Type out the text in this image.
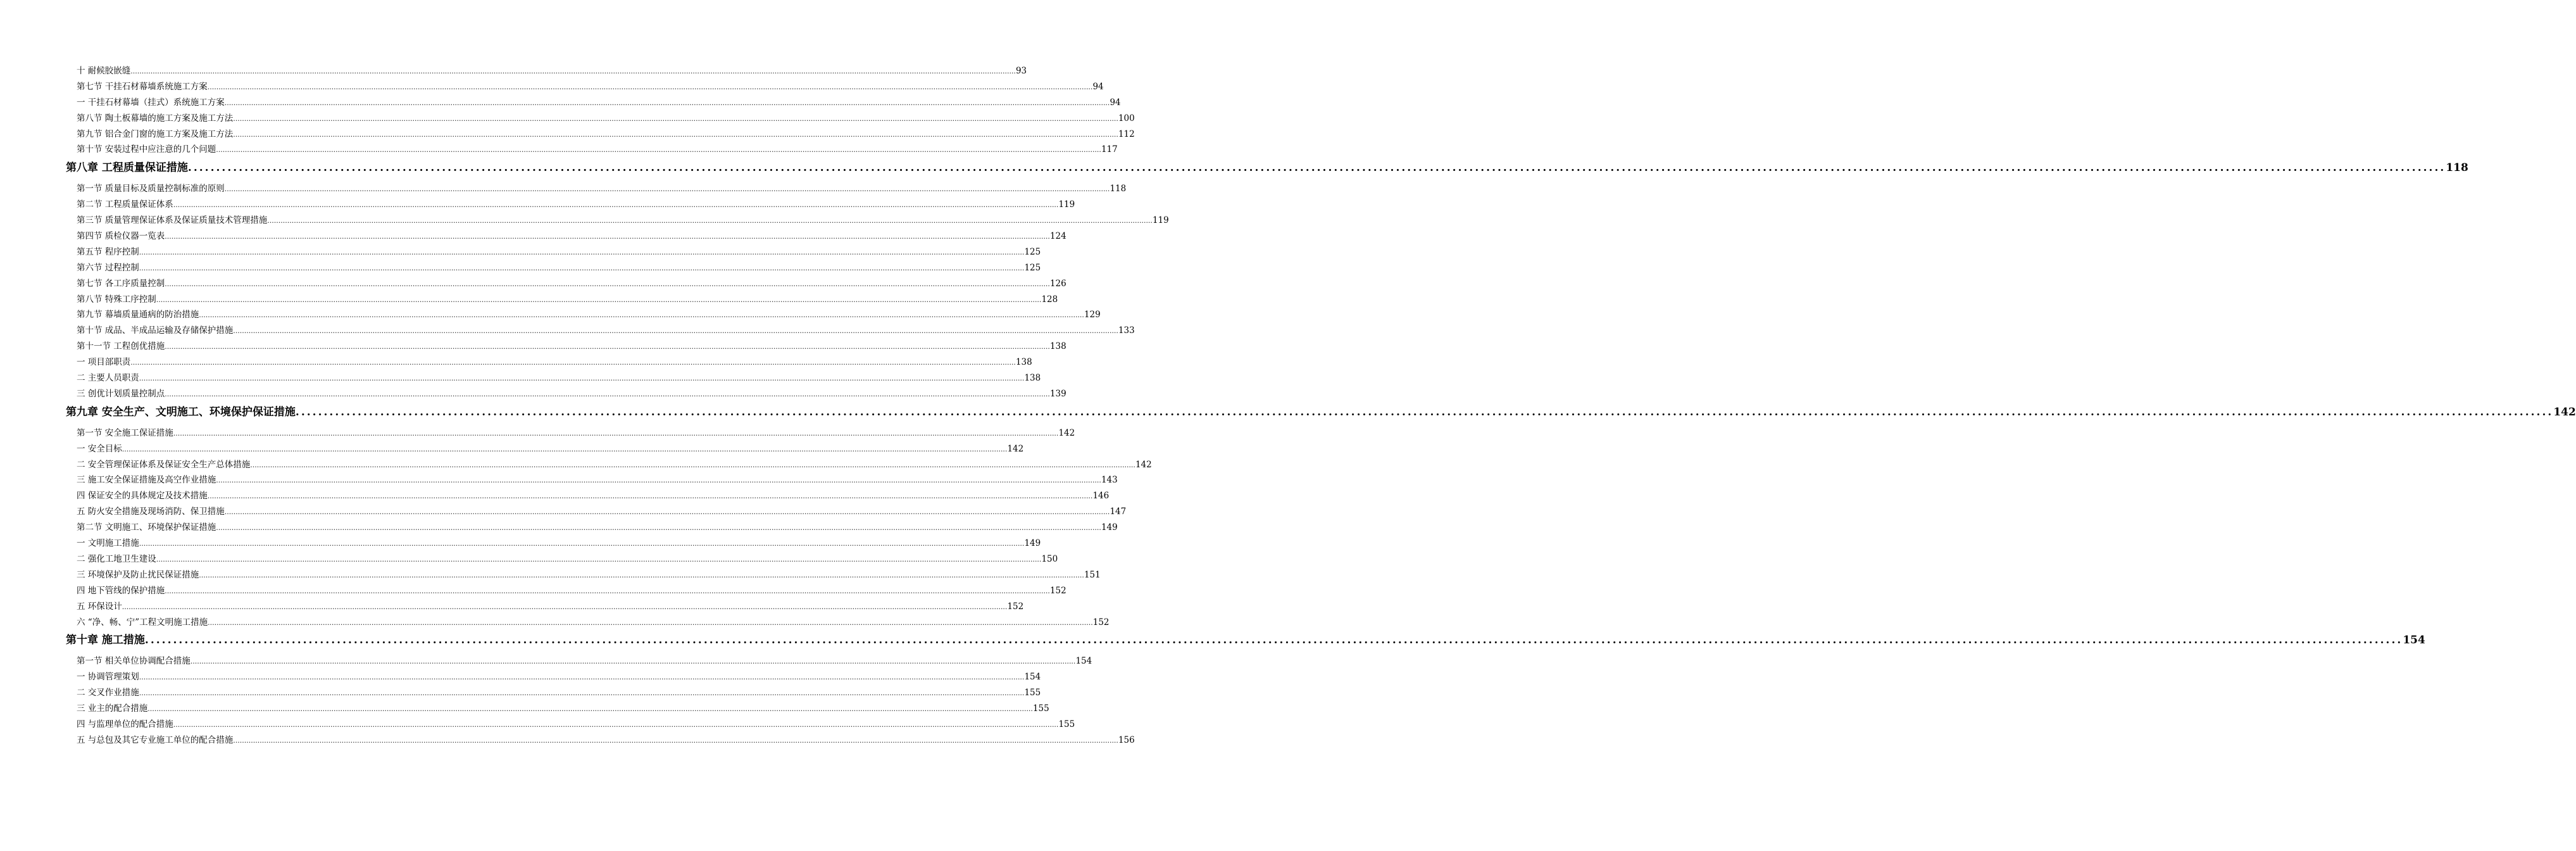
十 耐候胶嵌缝 ................................................................................................................................................................................................................................................................................................................................................................................................................ 93
第七节 干挂石材幕墙系统施工方案 ................................................................................................................................................................................................................................................................................................................................................................................................................ 94
一 干挂石材幕墙（挂式）系统施工方案 ................................................................................................................................................................................................................................................................................................................................................................................................................ 94
第八节 陶土板幕墙的施工方案及施工方法 ................................................................................................................................................................................................................................................................................................................................................................................................................ 100
第九节 铝合金门窗的施工方案及施工方法 ................................................................................................................................................................................................................................................................................................................................................................................................................ 112
第十节 安装过程中应注意的几个问题 ................................................................................................................................................................................................................................................................................................................................................................................................................ 117
第八章 工程质量保证措施 ................................................................................................................................................................................................................................................................................................................................................................................................................ 118
第一节 质量目标及质量控制标准的原则 ................................................................................................................................................................................................................................................................................................................................................................................................................ 118
第二节 工程质量保证体系 ................................................................................................................................................................................................................................................................................................................................................................................................................ 119
第三节 质量管理保证体系及保证质量技术管理措施 ................................................................................................................................................................................................................................................................................................................................................................................................................ 119
第四节 质检仪器一览表 ................................................................................................................................................................................................................................................................................................................................................................................................................ 124
第五节 程序控制 ................................................................................................................................................................................................................................................................................................................................................................................................................ 125
第六节 过程控制 ................................................................................................................................................................................................................................................................................................................................................................................................................ 125
第七节 各工序质量控制 ................................................................................................................................................................................................................................................................................................................................................................................................................ 126
第八节 特殊工序控制 ................................................................................................................................................................................................................................................................................................................................................................................................................ 128
第九节 幕墙质量通病的防治措施 ................................................................................................................................................................................................................................................................................................................................................................................................................ 129
第十节 成品、半成品运输及存储保护措施 ................................................................................................................................................................................................................................................................................................................................................................................................................ 133
第十一节 工程创优措施 ................................................................................................................................................................................................................................................................................................................................................................................................................ 138
一 项目部职责 ................................................................................................................................................................................................................................................................................................................................................................................................................ 138
二 主要人员职责 ................................................................................................................................................................................................................................................................................................................................................................................................................ 138
三 创优计划质量控制点 ................................................................................................................................................................................................................................................................................................................................................................................................................ 139
第九章 安全生产、文明施工、环境保护保证措施 ................................................................................................................................................................................................................................................................................................................................................................................................................ 142
第一节 安全施工保证措施 ................................................................................................................................................................................................................................................................................................................................................................................................................ 142
一 安全目标 ................................................................................................................................................................................................................................................................................................................................................................................................................ 142
二 安全管理保证体系及保证安全生产总体措施 ................................................................................................................................................................................................................................................................................................................................................................................................................ 142
三 施工安全保证措施及高空作业措施 ................................................................................................................................................................................................................................................................................................................................................................................................................ 143
四 保证安全的具体规定及技术措施 ................................................................................................................................................................................................................................................................................................................................................................................................................ 146
五 防火安全措施及现场消防、保卫措施 ................................................................................................................................................................................................................................................................................................................................................................................................................ 147
第二节 文明施工、环境保护保证措施 ................................................................................................................................................................................................................................................................................................................................................................................................................ 149
一 文明施工措施 ................................................................................................................................................................................................................................................................................................................................................................................................................ 149
二 强化工地卫生建设 ................................................................................................................................................................................................................................................................................................................................................................................................................ 150
三 环境保护及防止扰民保证措施 ................................................................................................................................................................................................................................................................................................................................................................................................................ 151
四 地下管线的保护措施 ................................................................................................................................................................................................................................................................................................................................................................................................................ 152
五 环保设计 ................................................................................................................................................................................................................................................................................................................................................................................................................ 152
六 “净、畅、宁”工程文明施工措施 ................................................................................................................................................................................................................................................................................................................................................................................................................ 152
第十章 施工措施 ................................................................................................................................................................................................................................................................................................................................................................................................................ 154
第一节 相关单位协调配合措施 ................................................................................................................................................................................................................................................................................................................................................................................................................ 154
一 协调管理策划 ................................................................................................................................................................................................................................................................................................................................................................................................................ 154
二 交叉作业措施 ................................................................................................................................................................................................................................................................................................................................................................................................................ 155
三 业主的配合措施 ................................................................................................................................................................................................................................................................................................................................................................................................................ 155
四 与监理单位的配合措施 ................................................................................................................................................................................................................................................................................................................................................................................................................ 155
五 与总包及其它专业施工单位的配合措施 ................................................................................................................................................................................................................................................................................................................................................................................................................ 156
